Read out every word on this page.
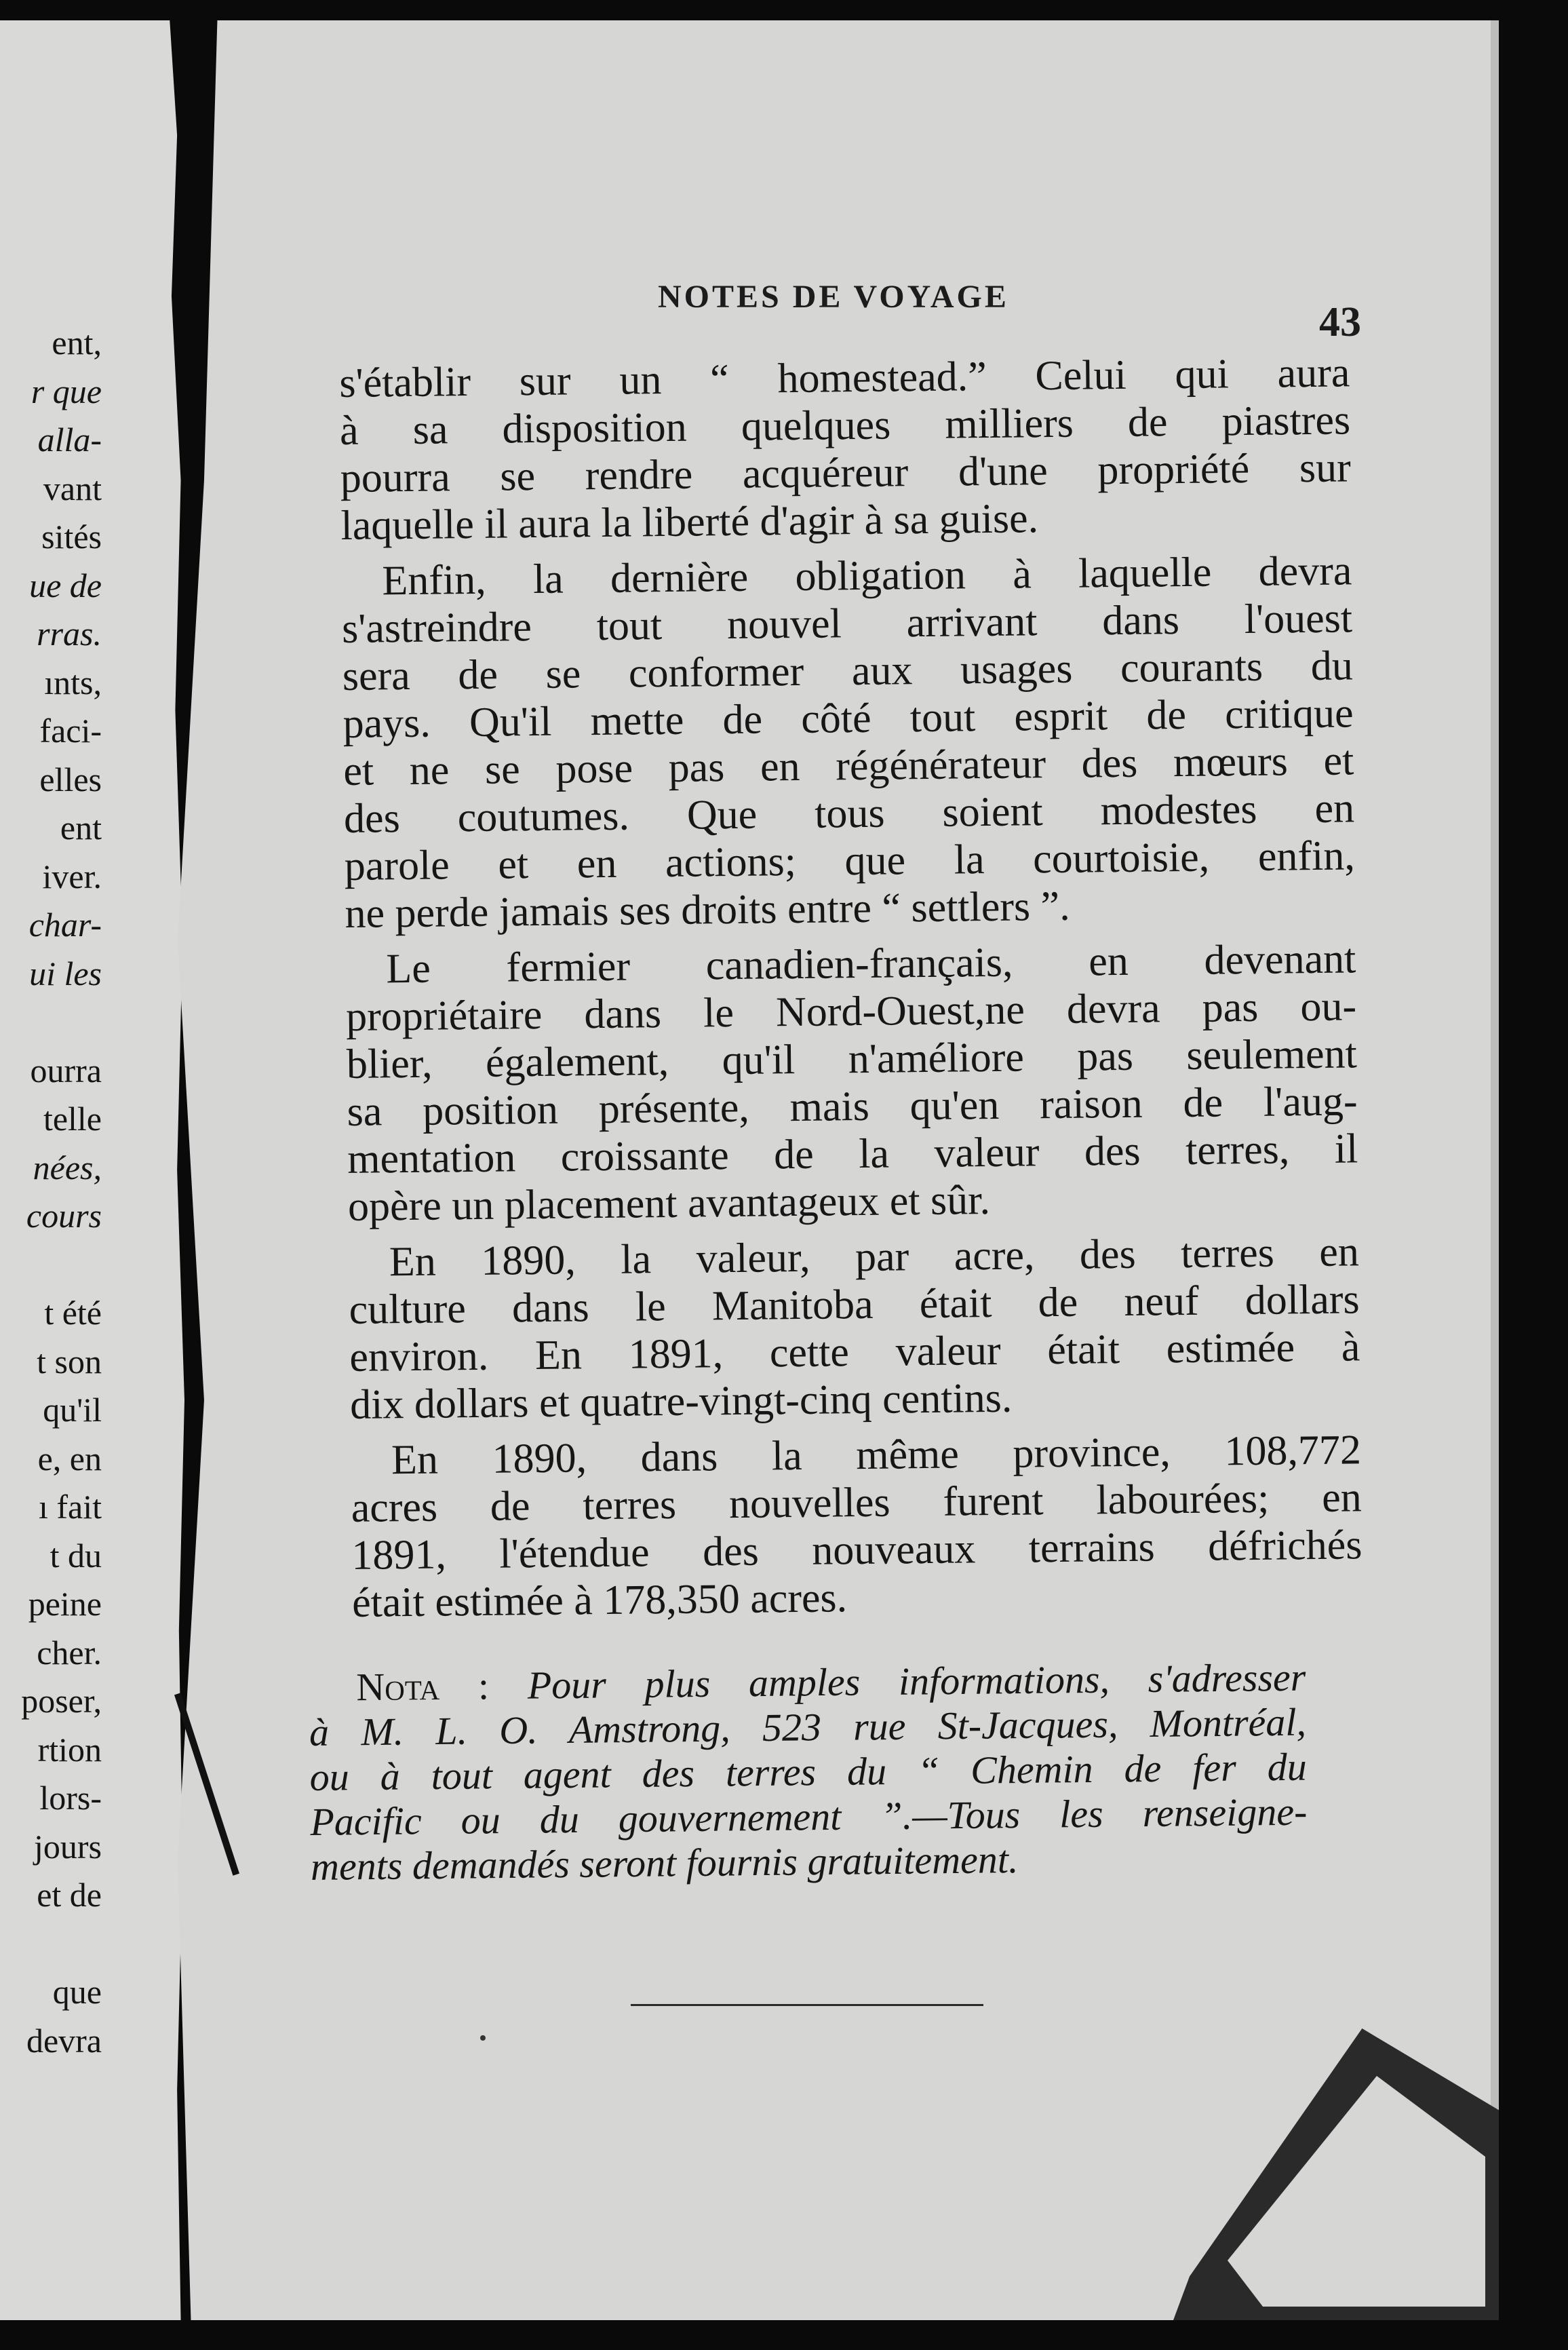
ent,
r que
alla-
vant
sités
ue de
rras.
ınts,
faci-
elles
ent
iver.
char-
ui les
ourra
telle
nées,
cours
t été
t son
qu'il
e, en
ı fait
t du
peine
cher.
poser,
rtion
lors-
jours
et de
que
devra
NOTES DE VOYAGE
43
s'établir sur un “ homestead.” Celui qui aura
à sa disposition quelques milliers de piastres
pourra se rendre acquéreur d'une propriété sur
laquelle il aura la liberté d'agir à sa guise.
Enfin, la dernière obligation à laquelle devra
s'astreindre tout nouvel arrivant dans l'ouest
sera de se conformer aux usages courants du
pays. Qu'il mette de côté tout esprit de critique
et ne se pose pas en régénérateur des mœurs et
des coutumes. Que tous soient modestes en
parole et en actions; que la courtoisie, enfin,
ne perde jamais ses droits entre “ settlers ”.
Le fermier canadien-français, en devenant
propriétaire dans le Nord-Ouest,ne devra pas ou-
blier, également, qu'il n'améliore pas seulement
sa position présente, mais qu'en raison de l'aug-
mentation croissante de la valeur des terres, il
opère un placement avantageux et sûr.
En 1890, la valeur, par acre, des terres en
culture dans le Manitoba était de neuf dollars
environ. En 1891, cette valeur était estimée à
dix dollars et quatre-vingt-cinq centins.
En 1890, dans la même province, 108,772
acres de terres nouvelles furent labourées; en
1891, l'étendue des nouveaux terrains défrichés
était estimée à 178,350 acres.
Nota : Pour plus amples informations, s'adresser
à M. L. O. Amstrong, 523 rue St-Jacques, Montréal,
ou à tout agent des terres du “ Chemin de fer du
Pacific ou du gouvernement ”.—Tous les renseigne-
ments demandés seront fournis gratuitement.
